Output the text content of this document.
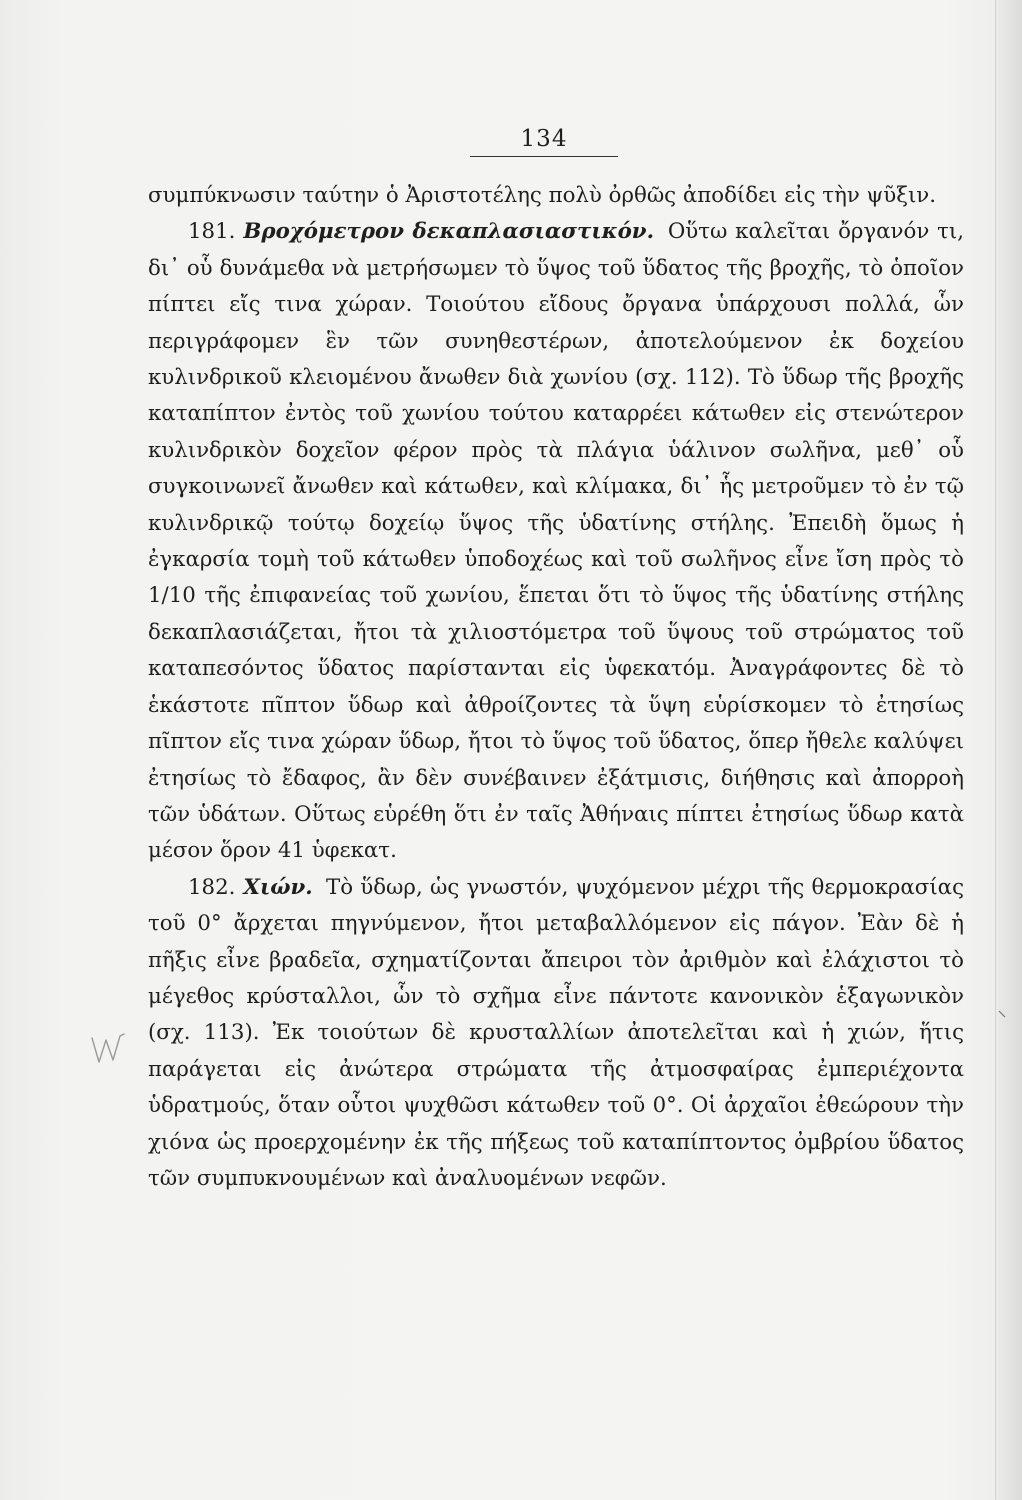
134

συμπύκνωσιν ταύτην ὁ Ἀριστοτέλης πολὺ ὀρθῶς ἀποδίδει εἰς τὴν ψῦξιν.

181. Βροχόμετρον δεκαπλασιαστικόν. Οὕτω καλεῖται ὄργανόν τι, δι᾽ οὗ δυνάμεθα νὰ μετρήσωμεν τὸ ὕψος τοῦ ὕδατος τῆς βροχῆς, τὸ ὁποῖον πίπτει εἴς τινα χώραν. Τοιούτου εἴδους ὄργανα ὑπάρχουσι πολλά, ὧν περιγράφομεν ἓν τῶν συνηθεστέρων, ἀποτελούμενον ἐκ δοχείου κυλινδρικοῦ κλειομένου ἄνωθεν διὰ χωνίου (σχ. 112). Τὸ ὕδωρ τῆς βροχῆς καταπίπτον ἐντὸς τοῦ χωνίου τούτου καταρρέει κάτωθεν εἰς στενώτερον κυλινδρικὸν δοχεῖον φέρον πρὸς τὰ πλάγια ὑάλινον σωλῆνα, μεθ᾽ οὗ συγκοινωνεῖ ἄνωθεν καὶ κάτωθεν, καὶ κλίμακα, δι᾽ ἧς μετροῦμεν τὸ ἐν τῷ κυλινδρικῷ τούτῳ δοχείῳ ὕψος τῆς ὑδατίνης στήλης. Ἐπειδὴ ὅμως ἡ ἐγκαρσία τομὴ τοῦ κάτωθεν ὑποδοχέως καὶ τοῦ σωλῆνος εἶνε ἴση πρὸς τὸ 1/10 τῆς ἐπιφανείας τοῦ χωνίου, ἕπεται ὅτι τὸ ὕψος τῆς ὑδατίνης στήλης δεκαπλασιάζεται, ἤτοι τὰ χιλιοστόμετρα τοῦ ὕψους τοῦ στρώματος τοῦ καταπεσόντος ὕδατος παρίστανται εἰς ὑφεκατόμ. Ἀναγράφοντες δὲ τὸ ἑκάστοτε πῖπτον ὕδωρ καὶ ἀθροίζοντες τὰ ὕψη εὑρίσκομεν τὸ ἐτησίως πῖπτον εἴς τινα χώραν ὕδωρ, ἤτοι τὸ ὕψος τοῦ ὕδατος, ὅπερ ἤθελε καλύψει ἐτησίως τὸ ἔδαφος, ἂν δὲν συνέβαινεν ἐξάτμισις, διήθησις καὶ ἀπορροὴ τῶν ὑδάτων. Οὕτως εὑρέθη ὅτι ἐν ταῖς Ἀθήναις πίπτει ἐτησίως ὕδωρ κατὰ μέσον ὅρον 41 ὑφεκατ.

182. Χιών. Τὸ ὕδωρ, ὡς γνωστόν, ψυχόμενον μέχρι τῆς θερμοκρασίας τοῦ 0° ἄρχεται πηγνύμενον, ἤτοι μεταβαλλόμενον εἰς πάγον. Ἐὰν δὲ ἡ πῆξις εἶνε βραδεῖα, σχηματίζονται ἄπειροι τὸν ἀριθμὸν καὶ ἐλάχιστοι τὸ μέγεθος κρύσταλλοι, ὧν τὸ σχῆμα εἶνε πάντοτε κανονικὸν ἑξαγωνικὸν (σχ. 113). Ἐκ τοιούτων δὲ κρυσταλλίων ἀποτελεῖται καὶ ἡ χιών, ἥτις παράγεται εἰς ἀνώτερα στρώματα τῆς ἀτμοσφαίρας ἐμπεριέχοντα ὑδρατμούς, ὅταν οὗτοι ψυχθῶσι κάτωθεν τοῦ 0°. Οἱ ἀρχαῖοι ἐθεώρουν τὴν χιόνα ὡς προερχομένην ἐκ τῆς πήξεως τοῦ καταπίπτοντος ὀμβρίου ὕδατος τῶν συμπυκνουμένων καὶ ἀναλυομένων νεφῶν.
